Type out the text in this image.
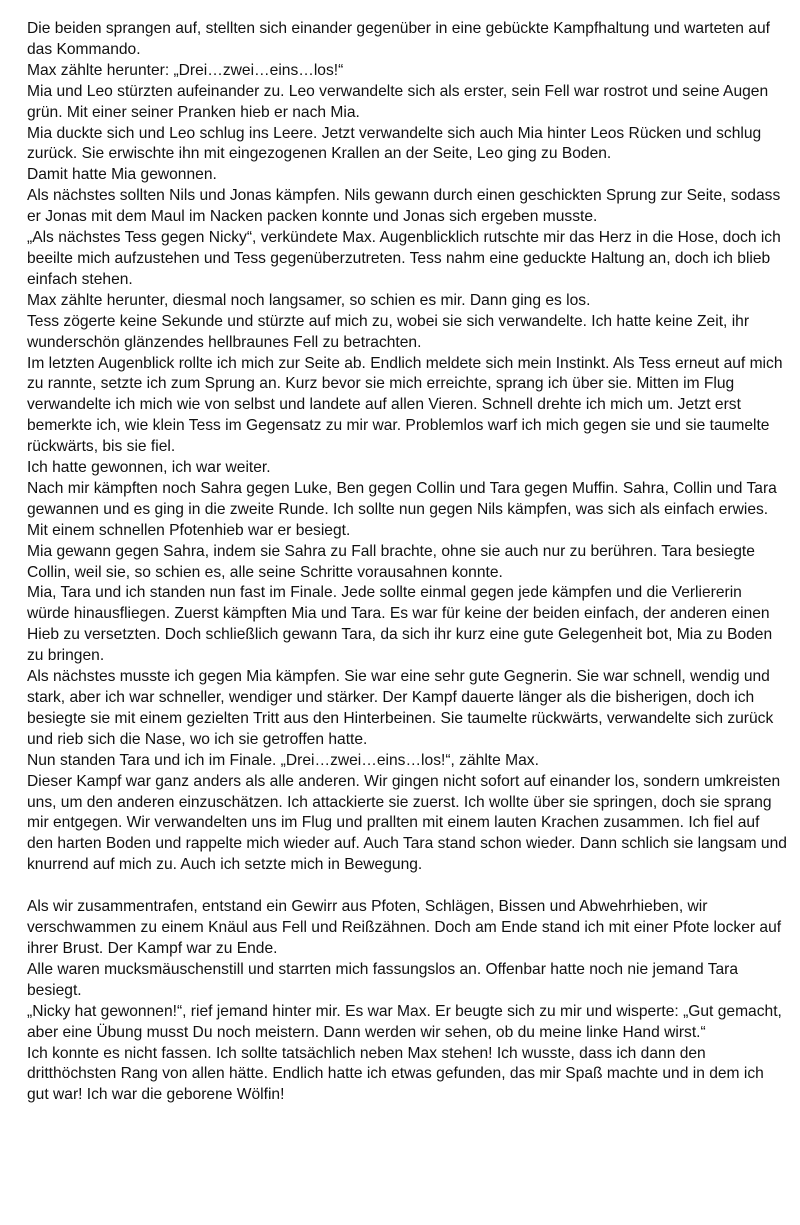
Die beiden sprangen auf, stellten sich einander gegenüber in eine gebückte Kampfhaltung und warteten auf das Kommando.

Max zählte herunter: „Drei…zwei…eins…los!“

Mia und Leo stürzten aufeinander zu. Leo verwandelte sich als erster, sein Fell war rostrot und seine Augen grün. Mit einer seiner Pranken hieb er nach Mia.

Mia duckte sich und Leo schlug ins Leere. Jetzt verwandelte sich auch Mia hinter Leos Rücken und schlug zurück. Sie erwischte ihn mit eingezogenen Krallen an der Seite, Leo ging zu Boden.

Damit hatte Mia gewonnen.

Als nächstes sollten Nils und Jonas kämpfen. Nils gewann durch einen geschickten Sprung zur Seite, sodass er Jonas mit dem Maul im Nacken packen konnte und Jonas sich ergeben musste.

„Als nächstes Tess gegen Nicky“, verkündete Max. Augenblicklich rutschte mir das Herz in die Hose, doch ich beeilte mich aufzustehen und Tess gegenüberzutreten. Tess nahm eine geduckte Haltung an, doch ich blieb einfach stehen.

Max zählte herunter, diesmal noch langsamer, so schien es mir. Dann ging es los.

Tess zögerte keine Sekunde und stürzte auf mich zu, wobei sie sich verwandelte. Ich hatte keine Zeit, ihr wunderschön glänzendes hellbraunes Fell zu betrachten.

Im letzten Augenblick rollte ich mich zur Seite ab. Endlich meldete sich mein Instinkt. Als Tess erneut auf mich zu rannte, setzte ich zum Sprung an. Kurz bevor sie mich erreichte, sprang ich über sie. Mitten im Flug verwandelte ich mich wie von selbst und landete auf allen Vieren. Schnell drehte ich mich um. Jetzt erst bemerkte ich, wie klein Tess im Gegensatz zu mir war. Problemlos warf ich mich gegen sie und sie taumelte rückwärts, bis sie fiel.

Ich hatte gewonnen, ich war weiter.

Nach mir kämpften noch Sahra gegen Luke, Ben gegen Collin und Tara gegen Muffin. Sahra, Collin und Tara gewannen und es ging in die zweite Runde. Ich sollte nun gegen Nils kämpfen, was sich als einfach erwies. Mit einem schnellen Pfotenhieb war er besiegt.

Mia gewann gegen Sahra, indem sie Sahra zu Fall brachte, ohne sie auch nur zu berühren. Tara besiegte Collin, weil sie, so schien es, alle seine Schritte vorausahnen konnte.

Mia, Tara und ich standen nun fast im Finale. Jede sollte einmal gegen jede kämpfen und die Verliererin würde hinausfliegen. Zuerst kämpften Mia und Tara. Es war für keine der beiden einfach, der anderen einen Hieb zu versetzten. Doch schließlich gewann Tara, da sich ihr kurz eine gute Gelegenheit bot, Mia zu Boden zu bringen.

Als nächstes musste ich gegen Mia kämpfen. Sie war eine sehr gute Gegnerin. Sie war schnell, wendig und stark, aber ich war schneller, wendiger und stärker. Der Kampf dauerte länger als die bisherigen, doch ich besiegte sie mit einem gezielten Tritt aus den Hinterbeinen. Sie taumelte rückwärts, verwandelte sich zurück und rieb sich die Nase, wo ich sie getroffen hatte.

Nun standen Tara und ich im Finale. „Drei…zwei…eins…los!“, zählte Max.

Dieser Kampf war ganz anders als alle anderen. Wir gingen nicht sofort auf einander los, sondern umkreisten uns, um den anderen einzuschätzen. Ich attackierte sie zuerst. Ich wollte über sie springen, doch sie sprang mir entgegen. Wir verwandelten uns im Flug und prallten mit einem lauten Krachen zusammen. Ich fiel auf den harten Boden und rappelte mich wieder auf. Auch Tara stand schon wieder. Dann schlich sie langsam und knurrend auf mich zu. Auch ich setzte mich in Bewegung.

Als wir zusammentrafen, entstand ein Gewirr aus Pfoten, Schlägen, Bissen und Abwehrhieben, wir verschwammen zu einem Knäul aus Fell und Reißzähnen. Doch am Ende stand ich mit einer Pfote locker auf ihrer Brust. Der Kampf war zu Ende.

Alle waren mucksmäuschenstill und starrten mich fassungslos an. Offenbar hatte noch nie jemand Tara besiegt.

„Nicky hat gewonnen!“, rief jemand hinter mir. Es war Max. Er beugte sich zu mir und wisperte: „Gut gemacht, aber eine Übung musst Du noch meistern. Dann werden wir sehen, ob du meine linke Hand wirst.“

Ich konnte es nicht fassen. Ich sollte tatsächlich neben Max stehen! Ich wusste, dass ich dann den dritthöchsten Rang von allen hätte. Endlich hatte ich etwas gefunden, das mir Spaß machte und in dem ich gut war! Ich war die geborene Wölfin!
